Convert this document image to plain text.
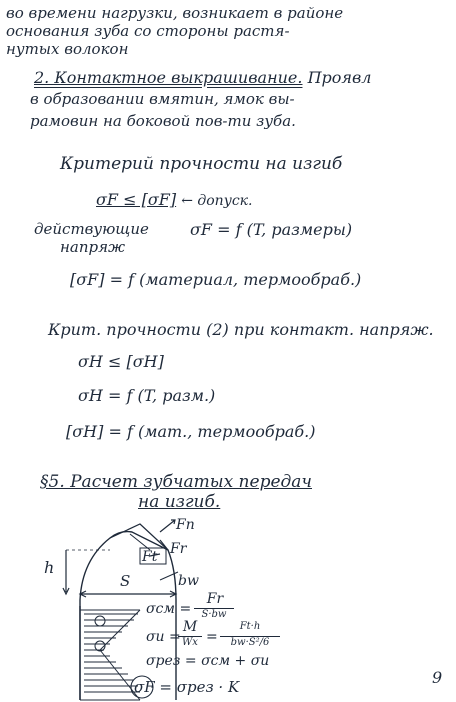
во времени нагрузки, возникает в районе
основания зуба со стороны растя-
нутых волокон
2. Контактное выкрашивание. Проявл
в образовании вмятин, ямок вы-
рамовин на боковой пов-ти зуба.
Критерий прочности на изгиб
σF ≤ [σF] ← допуск.
действующие
напряж
σF = f (T, размеры)
[σF] = f (материал, термообраб.)
Крит. прочности (2) при контакт. напряж.
σH ≤ [σH]
σH = f (T, разм.)
[σH] = f (мат., термообраб.)
§5. Расчет зубчатых передач
на изгиб.
h
S
Fn
Ft Fr
bw
σсм =
Fr
S·bw
σи =
M
Wx =
Ft·h
bw·S²/6
σрез = σсм + σи
σF = σрез · K	9
